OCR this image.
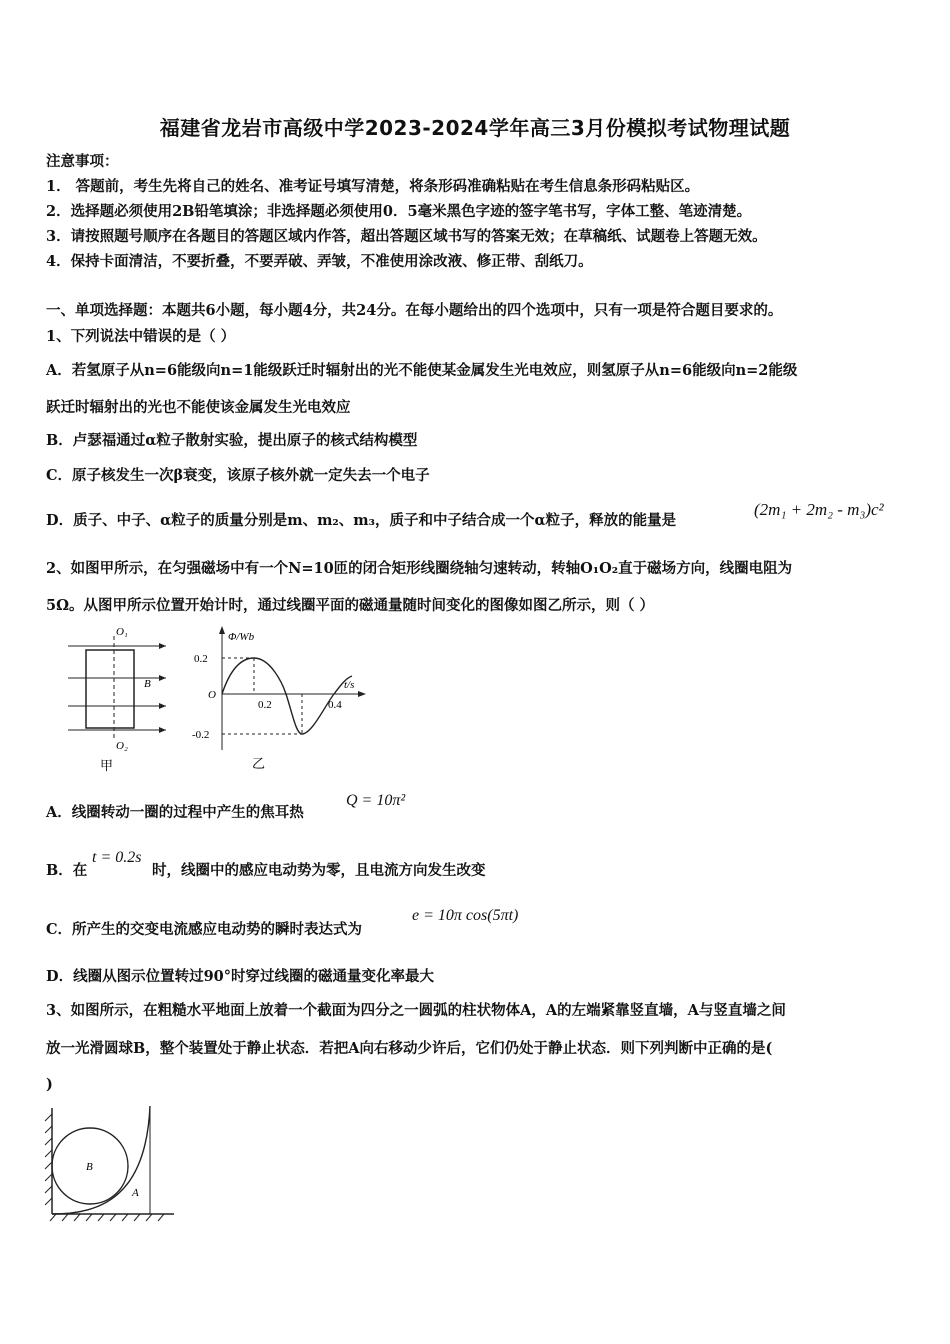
福建省龙岩市高级中学2023-2024学年高三3月份模拟考试物理试题
注意事项：
1． 答题前，考生先将自己的姓名、准考证号填写清楚，将条形码准确粘贴在考生信息条形码粘贴区。
2．选择题必须使用2B铅笔填涂；非选择题必须使用0．5毫米黑色字迹的签字笔书写，字体工整、笔迹清楚。
3．请按照题号顺序在各题目的答题区域内作答，超出答题区域书写的答案无效；在草稿纸、试题卷上答题无效。
4．保持卡面清洁，不要折叠，不要弄破、弄皱，不准使用涂改液、修正带、刮纸刀。
一、单项选择题：本题共6小题，每小题4分，共24分。在每小题给出的四个选项中，只有一项是符合题目要求的。
1、下列说法中错误的是（ ）
A．若氢原子从n=6能级向n=1能级跃迁时辐射出的光不能使某金属发生光电效应，则氢原子从n=6能级向n=2能级
跃迁时辐射出的光也不能使该金属发生光电效应
B．卢瑟福通过α粒子散射实验，提出原子的核式结构模型
C．原子核发生一次β衰变，该原子核外就一定失去一个电子
D．质子、中子、α粒子的质量分别是m、m₂、m₃，质子和中子结合成一个α粒子，释放的能量是
(2m₁ + 2m₂ - m₃)c²
2、如图甲所示，在匀强磁场中有一个N=10匝的闭合矩形线圈绕轴匀速转动，转轴O₁O₂直于磁场方向，线圈电阻为
5Ω。从图甲所示位置开始计时，通过线圈平面的磁通量随时间变化的图像如图乙所示，则（ ）
O₁
O₂
B
甲
Φ/Wb
t/s
0.2
-0.2
O
0.2	0.4
乙
A．线圈转动一圈的过程中产生的焦耳热
Q = 10π²
B．在
t = 0.2s
时，线圈中的感应电动势为零，且电流方向发生改变
C．所产生的交变电流感应电动势的瞬时表达式为
e = 10π cos(5πt)
D．线圈从图示位置转过90°时穿过线圈的磁通量变化率最大
3、如图所示，在粗糙水平地面上放着一个截面为四分之一圆弧的柱状物体A，A的左端紧靠竖直墙，A与竖直墙之间
放一光滑圆球B，整个装置处于静止状态．若把A向右移动少许后，它们仍处于静止状态．则下列判断中正确的是(
)
B
A
